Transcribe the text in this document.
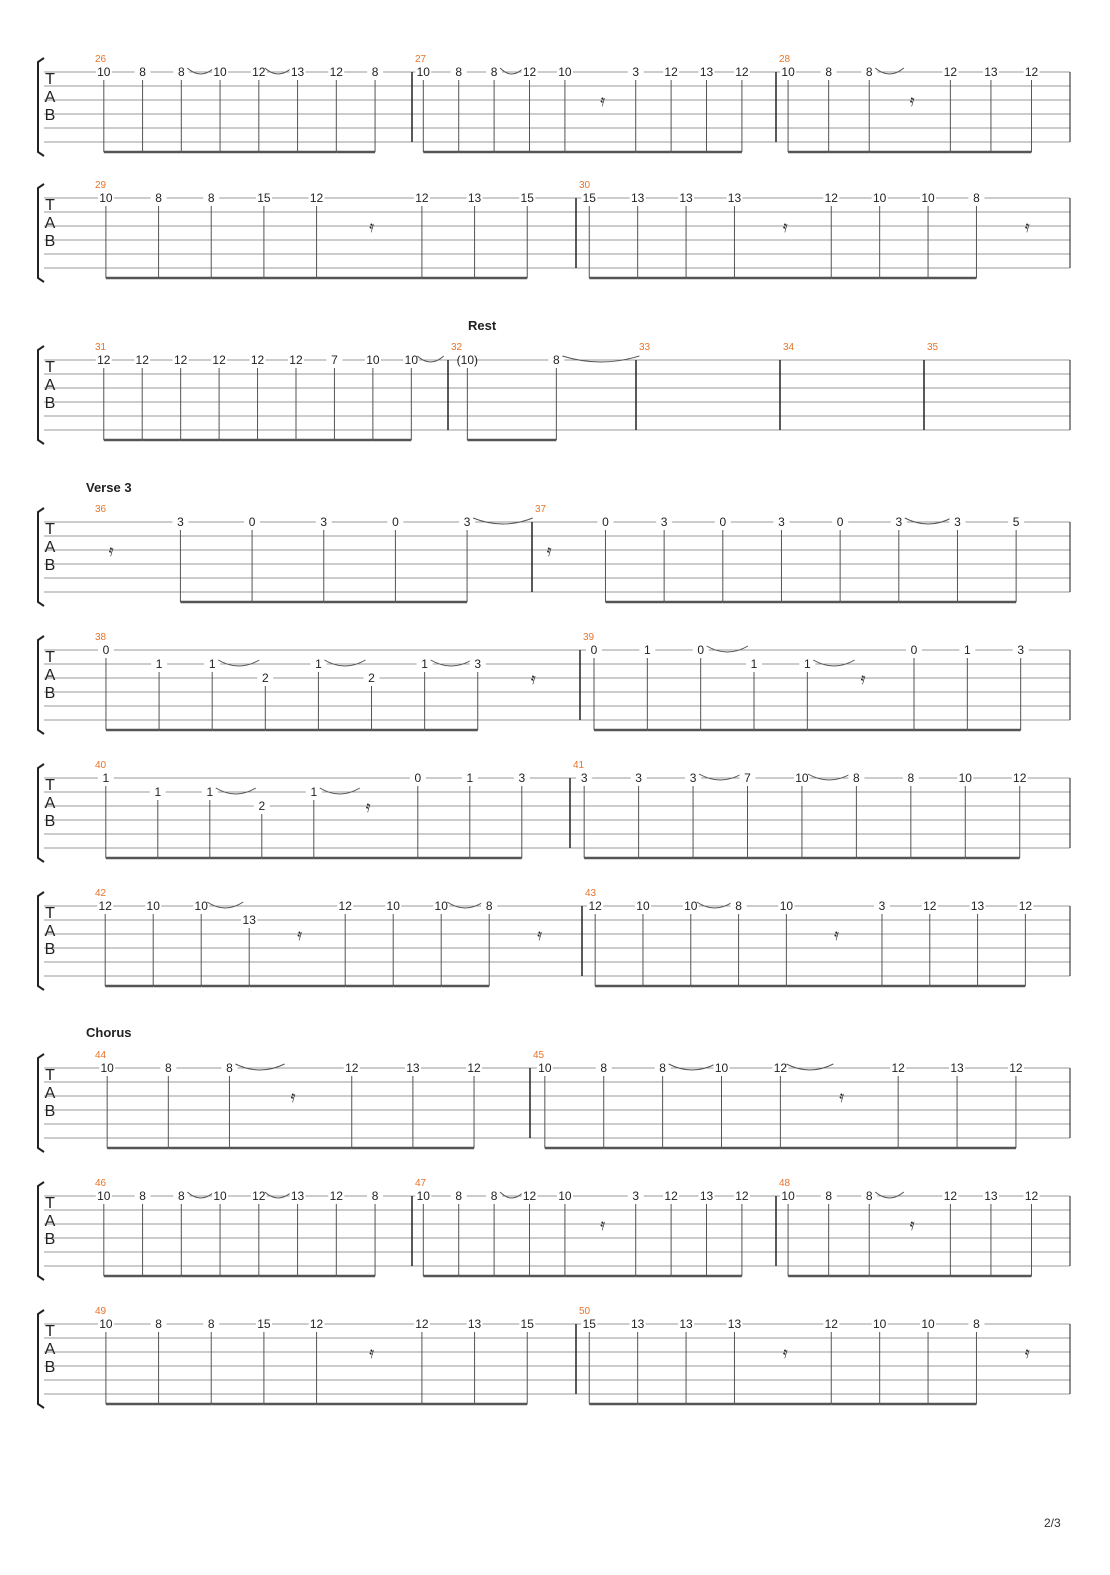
T
A
B
26
10 8	8 10 12 13 12 8
27
10 8 8 12 10
𝄿
3 12 13 12
28
10	8	8
𝄿
12 13 12
T
A
B
29
10	8	8	15	12
𝄿
12	13	15
30
15	13	13	13
𝄿
12	10	10	8
𝄿
Rest
T
A
B
31
12 12 12 12 12 12 7 10 10
32
(10)	8
33	34	35
Verse 3
T
A
B
36
𝄿
3	0	3	0	3
37
𝄿
0	3	0	3	0	3	3	5
T
A
B
38
0
1	1
2
1
2
1	3
𝄿
39
0	1	0
1	1
𝄿
0	1	3
T
A
B
40
1
1	1
2
1
𝄿
0	1	3
41
3	3	3	7	10	8	8	10	12
T
A
B
42
12	10	10
13
𝄿
12	10	10	8
𝄿
43
12	10	10	8	10
𝄿
3	12	13	12
Chorus
T
A
B
44
10	8	8
𝄿
12	13	12
45
10	8	8	10	12
𝄿
12	13	12
T
A
B
46
10 8	8 10 12 13 12 8
47
10 8 8 12 10
𝄿
3 12 13 12
48
10	8	8
𝄿
12 13 12
T
A
B
49
10	8	8	15	12
𝄿
12	13	15
50
15	13	13	13
𝄿
12	10	10	8
𝄿
2/3
